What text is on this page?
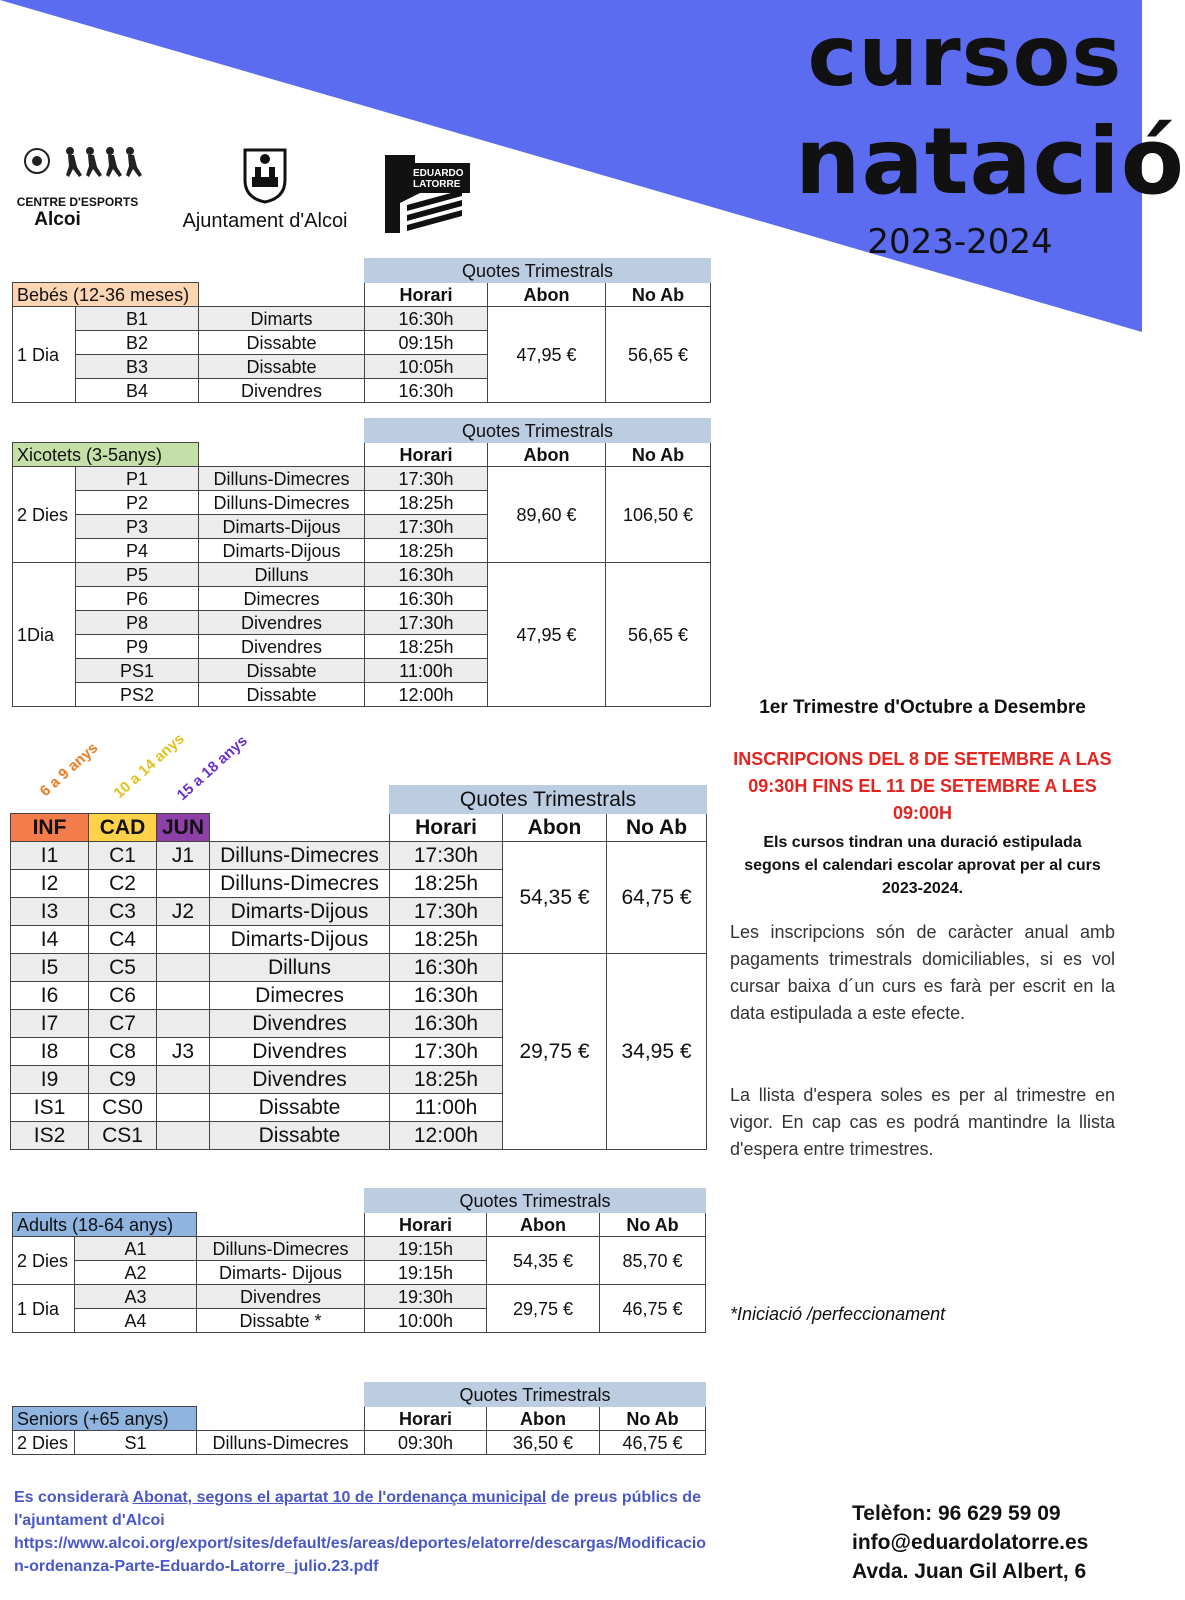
cursos
natació
2023-2024
CENTRE D'ESPORTS
Alcoi	Ajuntament d'Alcoi
EDUARDO
LATORRE
			Quotes Trimestrals		
Bebés (12-36 meses)			Horari	Abon	No Ab
1 Dia	B1	Dimarts	16:30h	47,95 €	56,65 €
	B2	Dissabte	09:15h		
	B3	Dissabte	10:05h		
	B4	Divendres	16:30h		
			Quotes Trimestrals		
Xicotets (3-5anys)			Horari	Abon	No Ab
2 Dies	P1	Dilluns-Dimecres	17:30h	89,60 €	106,50 €
	P2	Dilluns-Dimecres	18:25h		
	P3	Dimarts-Dijous	17:30h		
	P4	Dimarts-Dijous	18:25h		
1Dia	P5	Dilluns	16:30h	47,95 €	56,65 €
	P6	Dimecres	16:30h		
	P8	Divendres	17:30h		
	P9	Divendres	18:25h		
	PS1	Dissabte	11:00h		
	PS2	Dissabte	12:00h		
6 a 9 anys 10 a 14 anys
15 a 18 anys
				Quotes Trimestrals		
INF	CAD	JUN		Horari	Abon	No Ab
I1	C1	J1	Dilluns-Dimecres	17:30h	54,35 €	64,75 €
I2	C2		Dilluns-Dimecres	18:25h		
I3	C3	J2	Dimarts-Dijous	17:30h		
I4	C4		Dimarts-Dijous	18:25h		
I5	C5		Dilluns	16:30h	29,75 €	34,95 €
I6	C6		Dimecres	16:30h		
I7	C7		Divendres	16:30h		
I8	C8	J3	Divendres	17:30h		
I9	C9		Divendres	18:25h		
IS1	CS0		Dissabte	11:00h		
IS2	CS1		Dissabte	12:00h		
			Quotes Trimestrals		
Adults (18-64 anys)			Horari	Abon	No Ab
2 Dies	A1	Dilluns-Dimecres	19:15h	54,35 €	85,70 €
	A2	Dimarts- Dijous	19:15h		
1 Dia	A3	Divendres	19:30h	29,75 €	46,75 €
	A4	Dissabte *	10:00h		
			Quotes Trimestrals		
Seniors (+65 anys)			Horari	Abon	No Ab
2 Dies	S1	Dilluns-Dimecres	09:30h	36,50 €	46,75 €
1er Trimestre d'Octubre a Desembre
INSCRIPCIONS DEL 8 DE SETEMBRE A LAS 09:30H FINS EL 11 DE SETEMBRE A LES 09:00H
Els cursos tindran una duració estipulada segons el calendari escolar aprovat per al curs 2023-2024.
Les inscripcions són de caràcter anual amb pagaments trimestrals domiciliables, si es vol cursar baixa d´un curs es farà per escrit en la data estipulada a este efecte.
La llista d'espera soles es per al trimestre en vigor. En cap cas es podrá mantindre la llista d'espera entre trimestres.
*Iniciació /perfeccionament
Es considerarà Abonat, segons el apartat 10 de l'ordenança municipal de preus públics de l'ajuntament d'Alcoi
https://www.alcoi.org/export/sites/default/es/areas/deportes/elatorre/descargas/Modificacion-ordenanza-Parte-Eduardo-Latorre_julio.23.pdf
Telèfon: 96 629 59 09
info@eduardolatorre.es
Avda. Juan Gil Albert, 6
